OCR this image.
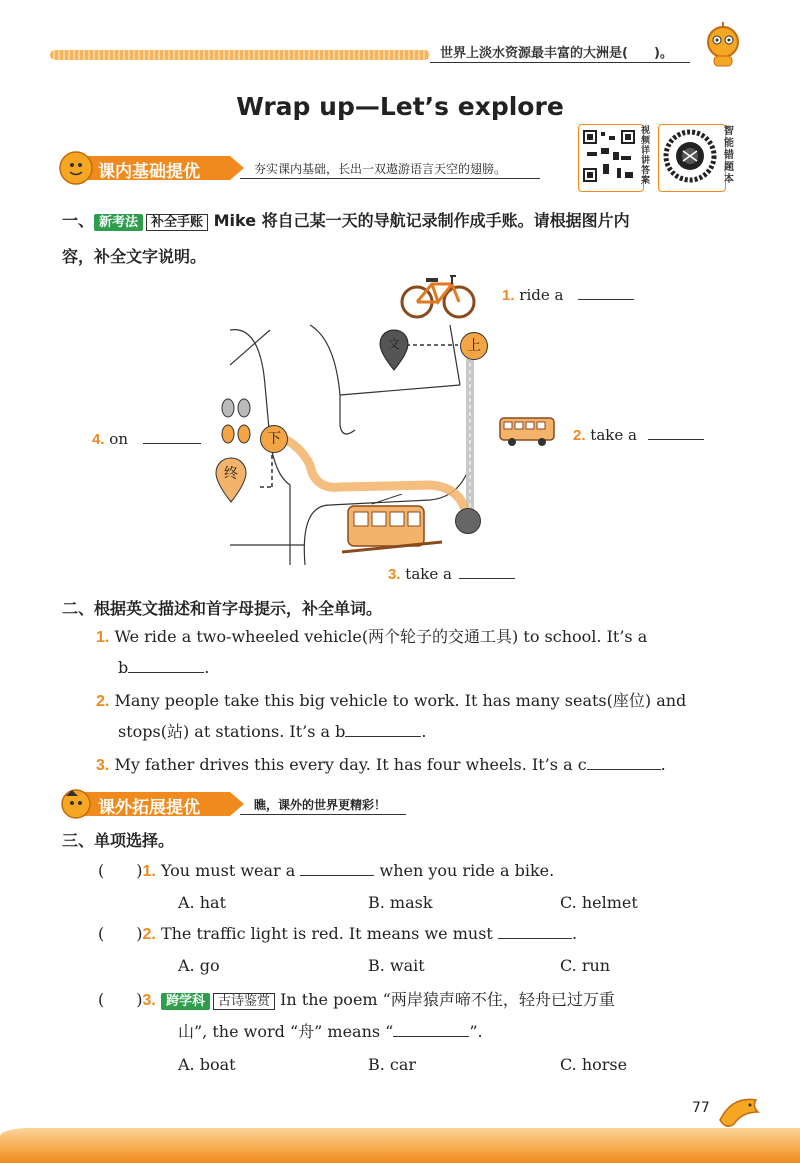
世界上淡水资源最丰富的大洲是(　　)。
Wrap up—Let’s explore
视频详讲答案
智能错题本
课内基础提优	夯实课内基础，长出一双遨游语言天空的翅膀。
一、 新考法 补全手账 Mike 将自己某一天的导航记录制作成手账。请根据图片内
容，补全文字说明。
文	上
下
终
1. ride a
2. take a
3. take a
4. on
二、根据英文描述和首字母提示，补全单词。
1. We ride a two-wheeled vehicle(两个轮子的交通工具) to school. It’s a
b	.
2. Many people take this big vehicle to work. It has many seats(座位) and
stops(站) at stations. It’s a b	.
3. My father drives this every day. It has four wheels. It’s a c	.
课外拓展提优	瞧，课外的世界更精彩！
三、单项选择。
(　　)1. You must wear a	when you ride a bike.
A. hat	B. mask	C. helmet
(　　)2. The traffic light is red. It means we must	.
A. go	B. wait	C. run
(　　)3. 跨学科 古诗鉴赏 In the poem “两岸猿声啼不住，轻舟已过万重
山”, the word “舟” means “	”.
A. boat	B. car	C. horse
77
